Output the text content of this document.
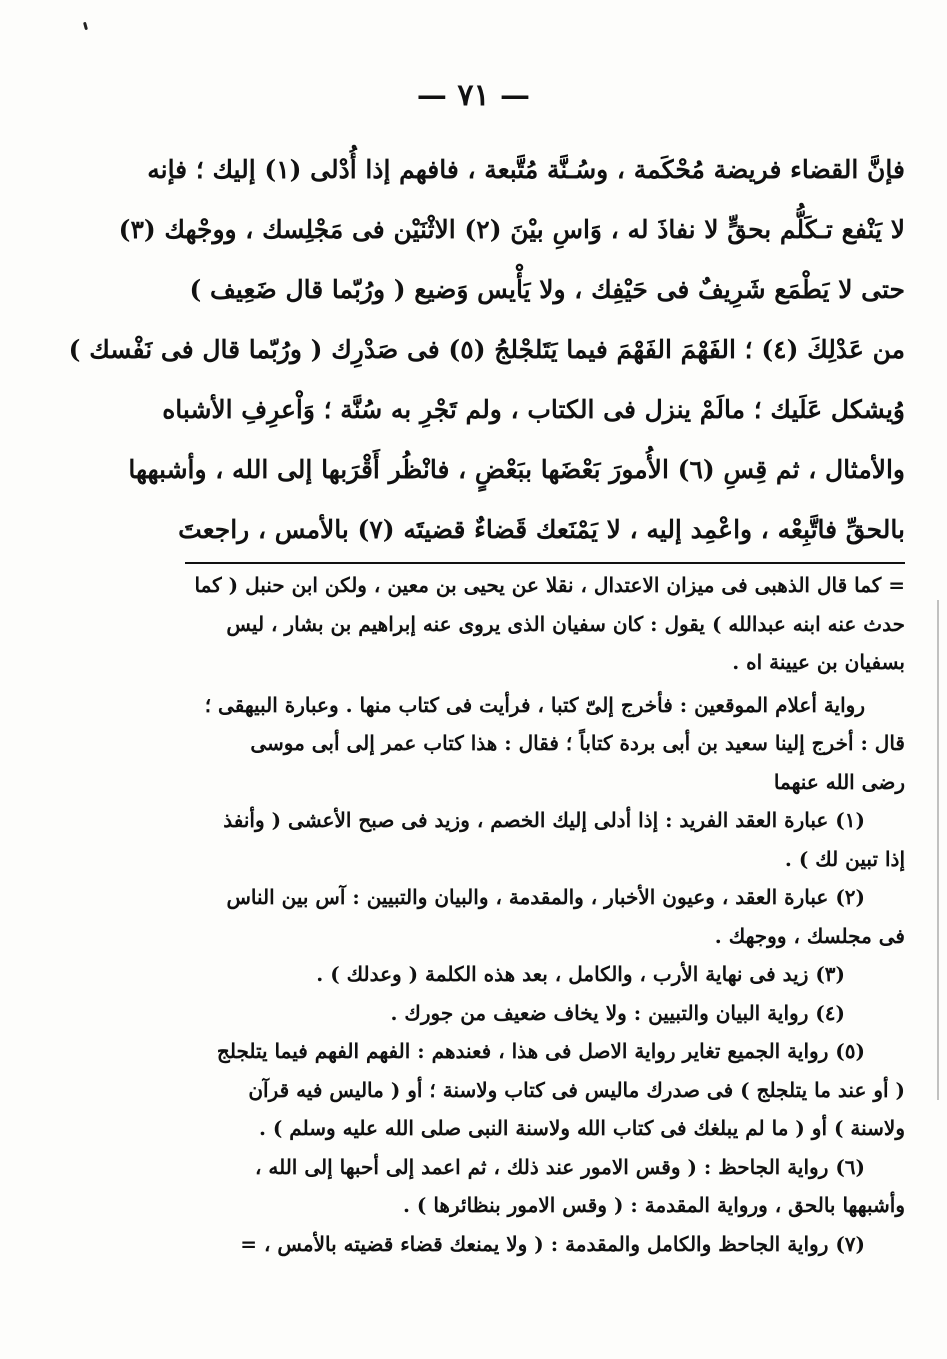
— ٧١ —
فإنَّ القضاء فريضة مُحْكَمة ، وسُـنَّة مُتَّبعة ، فافهم إذا أُدْلى (١) إليك ؛ فإنه
لا يَنْفع تـكَلُّم بحقٍّ لا نفاذَ له ، وَاسِ بيْنَ (٢) الاثْنَيْن فى مَجْلِسك ، ووجْهك (٣)
حتى لا يَطْمَع شَرِيفٌ فى حَيْفِك ، ولا يَأْيس وَضيع ( ورُبّما قال ضَعِيف )
من عَدْلِكَ (٤) ؛ الفَهْمَ الفَهْمَ فيما يَتَلجْلجُ (٥) فى صَدْرِك ( ورُبّما قال فى نَفْسك )
وُيشكل عَلَيك ؛ مالَمْ ينزل فى الكتاب ، ولم تَجْرِ به سُنَّة ؛ وَاْعرِفِ الأشباه
والأمثال ، ثم قِسِ (٦) الأُمورَ بَعْضَها ببَعْضٍ ، فانْظُر أَقْرَبها إلى الله ، وأشبهها
بالحقِّ فاتَّبِعْه ، واعْمِد إليه ، لا يَمْنَعك قَضاءٌ قضيتَه (٧) بالأمس ، راجعتَ
= كما قال الذهبى فى ميزان الاعتدال ، نقلا عن يحيى بن معين ، ولكن ابن حنبل ( كما
حدث عنه ابنه عبدالله ) يقول : كان سفيان الذى يروى عنه إبراهيم بن بشار ، ليس
بسفيان بن عيينة اه .
رواية أعلام الموقعين : فأخرج إلىّ كتبا ، فرأيت فى كتاب منها . وعبارة البيهقى ؛
قال : أخرج إلينا سعيد بن أبى بردة كتاباً ؛ فقال : هذا كتاب عمر إلى أبى موسى
رضى الله عنهما
(١) عبارة العقد الفريد : إذا أدلى إليك الخصم ، وزيد فى صبح الأعشى ( وأنفذ
إذا تبين لك ) .
(٢) عبارة العقد ، وعيون الأخبار ، والمقدمة ، والبيان والتبيين : آس بين الناس
فى مجلسك ، ووجهك .
(٣) زيد فى نهاية الأرب ، والكامل ، بعد هذه الكلمة ( وعدلك ) .
(٤) رواية البيان والتبيين : ولا يخاف ضعيف من جورك .
(٥) رواية الجميع تغاير رواية الاصل فى هذا ، فعندهم : الفهم الفهم فيما يتلجلج
( أو عند ما يتلجلج ) فى صدرك ماليس فى كتاب ولاسنة ؛ أو ( ماليس فيه قرآن
ولاسنة ) أو ( ما لم يبلغك فى كتاب الله ولاسنة النبى صلى الله عليه وسلم ) .
(٦) رواية الجاحظ : ( وقس الامور عند ذلك ، ثم اعمد إلى أحبها إلى الله ،
وأشبهها بالحق ، ورواية المقدمة : ( وقس الامور بنظائرها ) .
(٧) رواية الجاحظ والكامل والمقدمة : ( ولا يمنعك قضاء قضيته بالأمس ، =
